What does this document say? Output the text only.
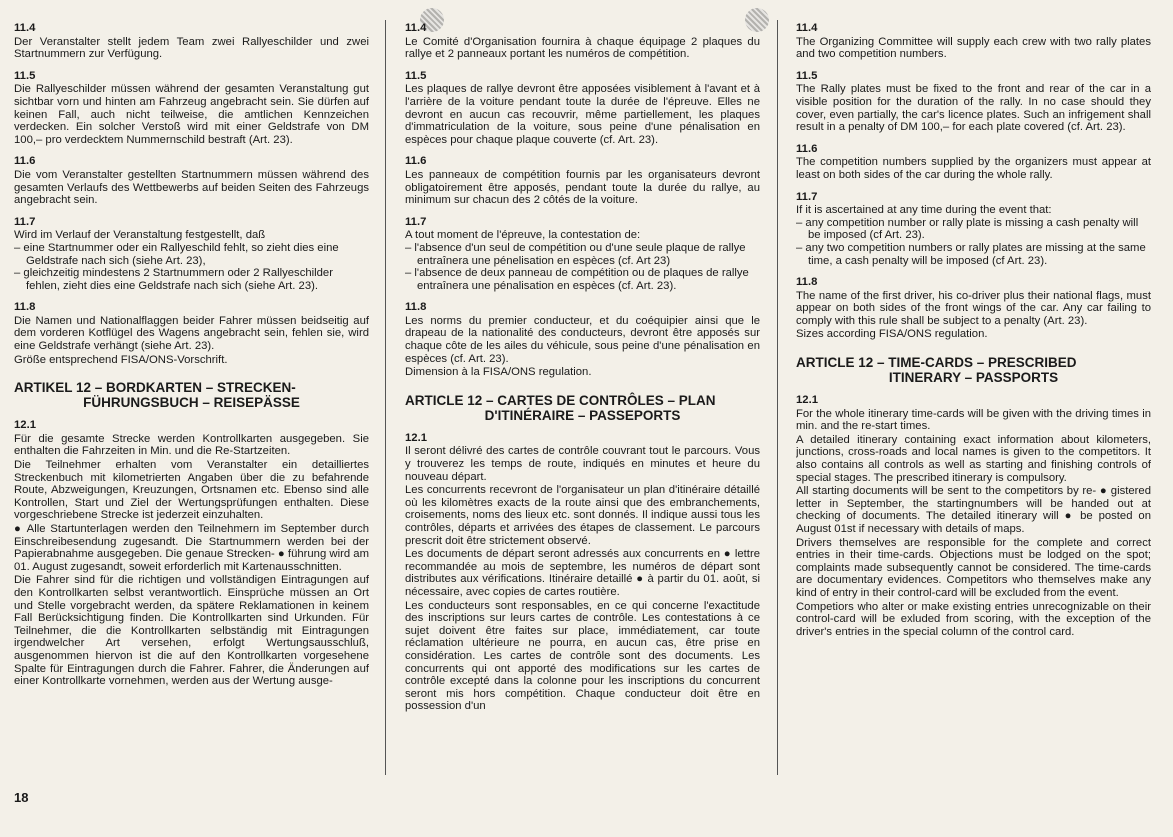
11.4

Der Veranstalter stellt jedem Team zwei Rallyeschilder und zwei Startnummern zur Verfügung.

11.5

Die Rallyeschilder müssen während der gesamten Veranstaltung gut sichtbar vorn und hinten am Fahrzeug angebracht sein. Sie dürfen auf keinen Fall, auch nicht teilweise, die amtlichen Kennzeichen verdecken. Ein solcher Verstoß wird mit einer Geldstrafe von DM 100,– pro verdecktem Nummernschild bestraft (Art. 23).

11.6

Die vom Veranstalter gestellten Startnummern müssen während des gesamten Verlaufs des Wettbewerbs auf beiden Seiten des Fahrzeugs angebracht sein.

11.7

Wird im Verlauf der Veranstaltung festgestellt, daß

– eine Startnummer oder ein Rallyeschild fehlt, so zieht dies eine Geldstrafe nach sich (siehe Art. 23),

– gleichzeitig mindestens 2 Startnummern oder 2 Rallyeschilder fehlen, zieht dies eine Geldstrafe nach sich (siehe Art. 23).

11.8

Die Namen und Nationalflaggen beider Fahrer müssen beidseitig auf dem vorderen Kotflügel des Wagens angebracht sein, fehlen sie, wird eine Geldstrafe verhängt (siehe Art. 23).

Größe entsprechend FISA/ONS-Vorschrift.

ARTIKEL 12 – BORDKARTEN – STRECKEN-
FÜHRUNGSBUCH – REISEPÄSSE
12.1

Für die gesamte Strecke werden Kontrollkarten ausgegeben. Sie enthalten die Fahrzeiten in Min. und die Re-Startzeiten.

Die Teilnehmer erhalten vom Veranstalter ein detailliertes Streckenbuch mit kilometrierten Angaben über die zu befahrende Route, Abzweigungen, Kreuzungen, Ortsnamen etc. Ebenso sind alle Kontrollen, Start und Ziel der Wertungsprüfungen enthalten. Diese vorgeschriebene Strecke ist jederzeit einzuhalten.

● Alle Startunterlagen werden den Teilnehmern im September durch Einschreibesendung zugesandt. Die Startnummern werden bei der Papierabnahme ausgegeben. Die genaue Strecken- ● führung wird am 01. August zugesandt, soweit erforderlich mit Kartenausschnitten.

Die Fahrer sind für die richtigen und vollständigen Eintragungen auf den Kontrollkarten selbst verantwortlich. Einsprüche müssen an Ort und Stelle vorgebracht werden, da spätere Reklamationen in keinem Fall Berücksichtigung finden. Die Kontrollkarten sind Urkunden. Für Teilnehmer, die die Kontrollkarten selbständig mit Eintragungen irgendwelcher Art versehen, erfolgt Wertungsausschluß, ausgenommen hiervon ist die auf den Kontrollkarten vorgesehene Spalte für Eintragungen durch die Fahrer. Fahrer, die Änderungen auf einer Kontrollkarte vornehmen, werden aus der Wertung ausge-

11.4

Le Comité d'Organisation fournira à chaque équipage 2 plaques du rallye et 2 panneaux portant les numéros de compétition.

11.5

Les plaques de rallye devront être apposées visiblement à l'avant et à l'arrière de la voiture pendant toute la durée de l'épreuve. Elles ne devront en aucun cas recouvrir, même partiellement, les plaques d'immatriculation de la voiture, sous peine d'une pénalisation en espèces pour chaque plaque couverte (cf. Art. 23).

11.6

Les panneaux de compétition fournis par les organisateurs devront obligatoirement être apposés, pendant toute la durée du rallye, au minimum sur chacun des 2 côtés de la voiture.

11.7

A tout moment de l'épreuve, la contestation de:

– l'absence d'un seul de compétition ou d'une seule plaque de rallye entraînera une pénelisation en espèces (cf. Art 23)

– l'absence de deux panneau de compétition ou de plaques de rallye entraînera une pénalisation en espèces (cf. Art. 23).

11.8

Les norms du premier conducteur, et du coéquipier ainsi que le drapeau de la nationalité des conducteurs, devront être apposés sur chaque côte de les ailes du véhicule, sous peine d'une pénalisation en espèces (cf. Art. 23).

Dimension à la FISA/ONS regulation.

ARTICLE 12 – CARTES DE CONTRÔLES – PLAN
D'ITINÉRAIRE – PASSEPORTS
12.1

Il seront délivré des cartes de contrôle couvrant tout le parcours. Vous y trouverez les temps de route, indiqués en minutes et heure du nouveau départ.

Les concurrents recevront de l'organisateur un plan d'itinéraire détaillé où les kilomètres exacts de la route ainsi que des embranchements, croisements, noms des lieux etc. sont donnés. Il indique aussi tous les contrôles, départs et arrivées des étapes de classement. Le parcours prescrit doit être strictement observé.

Les documents de départ seront adressés aux concurrents en ● lettre recommandée au mois de septembre, les numéros de départ sont distributes aux vérifications. Itinéraire detaillé ● à partir du 01. août, si nécessaire, avec copies de cartes routière.

Les conducteurs sont responsables, en ce qui concerne l'exactitude des inscriptions sur leurs cartes de contrôle. Les contestations à ce sujet doivent être faites sur place, immédiatement, car toute réclamation ultérieure ne pourra, en aucun cas, être prise en considération. Les cartes de contrôle sont des documents. Les concurrents qui ont apporté des modifications sur les cartes de contrôle excepté dans la colonne pour les inscriptions du concurrent seront mis hors compétition. Chaque conducteur doit être en possession d'un

11.4

The Organizing Committee will supply each crew with two rally plates and two competition numbers.

11.5

The Rally plates must be fixed to the front and rear of the car in a visible position for the duration of the rally. In no case should they cover, even partially, the car's licence plates. Such an infrigement shall result in a penalty of DM 100,– for each plate covered (cf. Art. 23).

11.6

The competition numbers supplied by the organizers must appear at least on both sides of the car during the whole rally.

11.7

If it is ascertained at any time during the event that:

– any competition number or rally plate is missing a cash penalty will be imposed (cf Art. 23).

– any two competition numbers or rally plates are missing at the same time, a cash penalty will be imposed (cf Art. 23).

11.8

The name of the first driver, his co-driver plus their national flags, must appear on both sides of the front wings of the car. Any car failing to comply with this rule shall be subject to a penalty (Art. 23).

Sizes according FISA/ONS regulation.

ARTICLE 12 – TIME-CARDS – PRESCRIBED
ITINERARY – PASSPORTS
12.1

For the whole itinerary time-cards will be given with the driving times in min. and the re-start times.

A detailed itinerary containing exact information about kilometers, junctions, cross-roads and local names is given to the competitors. It also contains all controls as well as starting and finishing controls of special stages. The prescribed itinerary is compulsory.

All starting documents will be sent to the competitors by re- ● gistered letter in September, the startingnumbers will be handed out at checking of documents. The detailed itinerary will ● be posted on August 01st if necessary with details of maps.

Drivers themselves are responsible for the complete and correct entries in their time-cards. Objections must be lodged on the spot; complaints made subsequently cannot be considered. The time-cards are documentary evidences. Competitors who themselves make any kind of entry in their control-card will be excluded from the event.

Competiors who alter or make existing entries unrecognizable on their control-card will be exluded from scoring, with the exception of the driver's entries in the special column of the control card.

18
